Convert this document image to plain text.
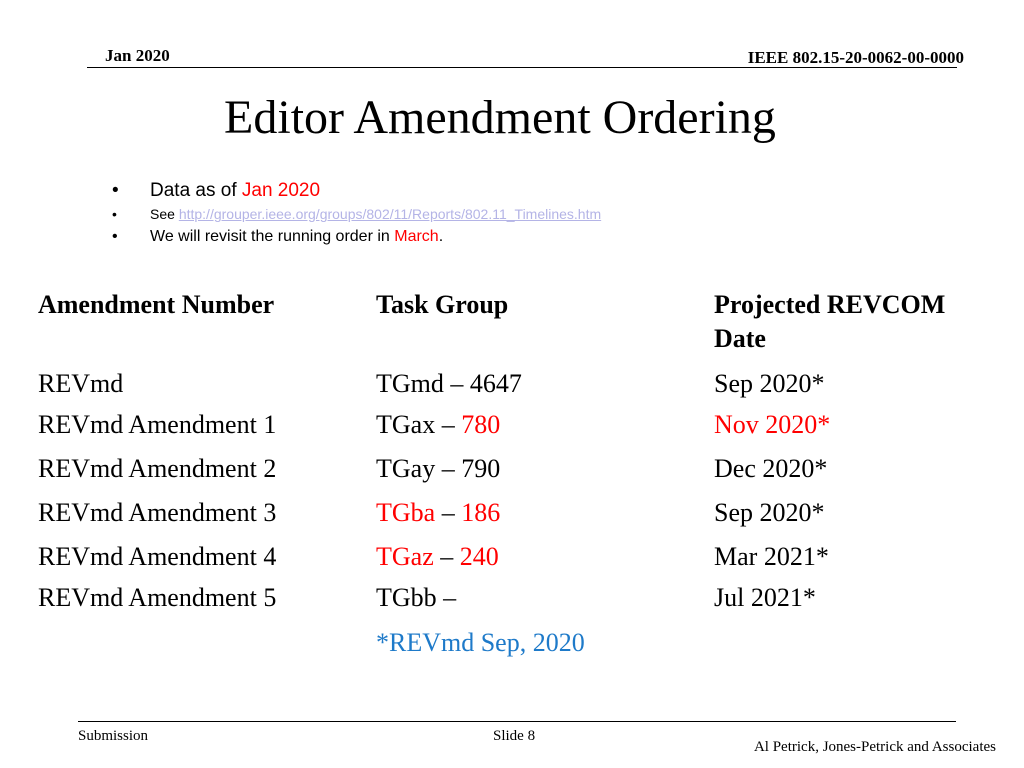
Jan 2020	IEEE 802.15-20-0062-00-0000
Editor Amendment Ordering
• Data as of Jan 2020
• See http://grouper.ieee.org/groups/802/11/Reports/802.11_Timelines.htm
• We will revisit the running order in March.
Amendment Number	Task Group	Projected REVCOM
Date
REVmd	TGmd – 4647	Sep 2020*
REVmd Amendment 1	TGax – 780	Nov 2020*
REVmd Amendment 2	TGay – 790	Dec 2020*
REVmd Amendment 3	TGba – 186	Sep 2020*
REVmd Amendment 4	TGaz – 240	Mar 2021*
REVmd Amendment 5	TGbb –	Jul 2021*
*REVmd Sep, 2020
Submission	Slide 8
Al Petrick, Jones-Petrick and Associates
